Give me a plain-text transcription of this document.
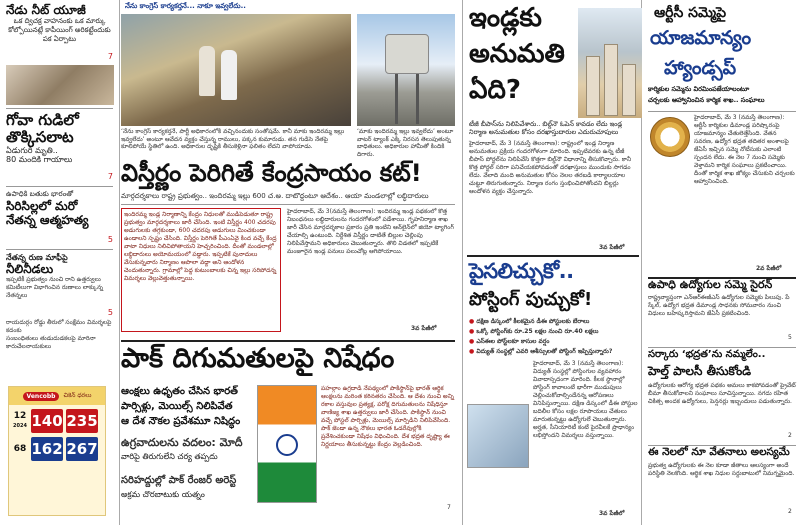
నేడు నీట్ యూజీ
ఒక ద్విచక్ర వాహనంకు ఒక మార్కు కోల్పోయినట్లే కాపీయింగ్ అరికట్టేందుకు పక ఏర్పాటు
7
గోవా గుడిలో
తొక్కిసలాట
ఏడుగురి మృతి..
80 మందికి గాయాలు
7
ఉపాధికి బతుకు భారంతో
సిరిసిల్లలో మరో
నేతన్న ఆత్మహత్య
5
నేతన్న రుణ మాఫీపై
నీలినీడలు
ఇప్పటికీ ప్రభుత్వం నుంచి రాని ఉత్తర్వులు కమిటీలుగా విభాగించిన రుణాలు లాక్కున్న నేతన్నలు
5
రాయదుర్గం రోడ్డు తీరులో సంక్షేమం విమర్శలపై కదంకు
సంబంధితులు తుడుదుడకలపై మారినా కారుచేలనాయకులు
Vencobb	చికెన్ ధరలు
12
2024 140 235
68 162 267
నేను కాంగ్రెస్ కార్యకర్తనే... నాకూ ఇవ్వలేదు..
‘నేను కాంగ్రెస్ కార్యకర్తనే, పార్టీ అధికారంలోకి వచ్చినందుకు సంతోషమే. కానీ మాకు ఇందిరమ్మ ఇల్లు ఇవ్వలేదు’ అంటూ ఆవేదన వ్యక్తం చేస్తున్న రాములు, పక్కన కుమారుడు. తన గుడిసె నేతపై కూలిపోయే స్థితిలో ఉంది. అధికారుల దృష్టికి తీసుకెళ్లినా ఫలితం లేదని వాపోయాడు.
‘మాకు ఇందిరమ్మ ఇల్లు ఇవ్వలేదు’ అంటూ వాటర్ ట్యాంక్ ఎక్కి నిరసన తెలుపుతున్న బాధితులు. అధికారుల హామీతో కిందికి దిగారు.
విస్తీర్ణం పెరిగితే కేంద్రసాయం కట్!
మార్గదర్శకాలు రాష్ట్ర ప్రభుత్వం.. ఇందిరమ్మ ఇల్లు 600 చ.అ. దాటొద్దంటూ ఆదేశం.. ఆయా మండలాల్లో లబ్ధిదారులు
ఇందిరమ్మ ఇండ్ల నిర్మాణాన్ని కేంద్రం నిధులతో ముడిపెడుతూ రాష్ట్ర ప్రభుత్వం మార్గదర్శకాలు జారీ చేసింది. ఇంటి విస్తీర్ణం 400 చదరపు అడుగులకు తగ్గకుండా, 600 చదరపు అడుగులు మించకుండా ఉండాలని స్పష్టం చేసింది. విస్తీర్ణం పెరిగితే పీఎంఏవై కింద వచ్చే కేంద్ర వాటా నిధులు నిలిచిపోతాయని హెచ్చరించింది. దీంతో మండలాల్లో లబ్ధిదారులు అయోమయంలో పడ్డారు. ఇప్పటికే పునాదులు వేసుకున్నవారు నిర్మాణం ఆపాలా వద్దా అని ఆందోళన చెందుతున్నారు. గ్రామాల్లో పెద్ద కుటుంబాలకు చిన్న ఇల్లు సరిపోదన్న విమర్శలు వెల్లువెత్తుతున్నాయి.
హైదరాబాద్, మే 3(నమస్తే తెలంగాణ): ఇందిరమ్మ ఇండ్ల పథకంలో కొత్త నిబంధనలు లబ్ధిదారులను గందరగోళంలో పడేశాయి. గృహనిర్మాణ శాఖ జారీ చేసిన మార్గదర్శకాల ప్రకారం ప్రతి ఇంటిని ఆన్‌లైన్‌లో జియో ట్యాగింగ్ చేయాల్సి ఉంటుంది. నిర్దేశిత విస్తీర్ణం దాటితే బిల్లుల చెల్లింపు నిలిపివేస్తామని అధికారులు చెబుతున్నారు. తొలి విడతలో ఇప్పటికే మంజూరైన ఇండ్ల పనులు పలుచోట్ల ఆగిపోయాయి.
3వ పేజీలో
పాక్ దిగుమతులపై నిషేధం
ఆంక్షలు ఉధృతం చేసిన భారత్
పార్సిళ్లు, మెయిల్స్ నిలిపివేత
ఆ దేశ నౌకల ప్రవేశమూ నిషిద్ధం
ఉగ్రవాదులను వదలం: మోదీ
వారిపై తిరుగులేని చర్య తప్పదు
సరిహద్దుల్లో పాక్ రేంజర్ అరెస్ట్
అక్రమ చొరబాటుకు యత్నం
పహల్గాం ఉగ్రదాడి నేపథ్యంలో పాకిస్థాన్‌పై భారత్ ఆర్థిక ఆంక్షలను మరింత కఠినతరం చేసింది. ఆ దేశం నుంచి అన్ని రకాల వస్తువుల ప్రత్యక్ష, పరోక్ష దిగుమతులను నిషేధిస్తూ వాణిజ్య శాఖ ఉత్తర్వులు జారీ చేసింది. పాకిస్థాన్ నుంచి వచ్చే పోస్టల్ పార్సిళ్లు, మెయిల్స్ మార్పిడిని నిలిపివేసింది. పాక్ జెండా ఉన్న నౌకలు భారత ఓడరేవుల్లోకి ప్రవేశించకుండా నిషేధం విధించింది. దేశ భద్రత దృష్ట్యా ఈ నిర్ణయాలు తీసుకున్నట్టు కేంద్రం వెల్లడించింది.
7
ఇండ్లకు
అనుమతి
ఏది?
టీజీ బీపాస్‌ను నిలిపివేశారు.. బిల్డ్‌నౌ ఓపెన్ కావడం లేదు ఇండ్ల నిర్మాణ అనుమతుల కోసం దరఖాస్తుదారుల ఎదురుచూపులు
హైదరాబాద్, మే 3 (నమస్తే తెలంగాణ): రాష్ట్రంలో ఇండ్ల నిర్మాణ అనుమతుల ప్రక్రియ గందరగోళంగా మారింది. ఇప్పటివరకు ఉన్న టీజీ బీపాస్ పోర్టల్‌ను నిలిపివేసి కొత్తగా బిల్డ్‌నౌ విధానాన్ని తీసుకొచ్చారు. కానీ కొత్త పోర్టల్ సరిగా పనిచేయకపోవడంతో దరఖాస్తులు ముందుకు సాగడం లేదు. వేలాది మంది అనుమతుల కోసం నెలల తరబడి కార్యాలయాల చుట్టూ తిరుగుతున్నారు. నిర్మాణ రంగం స్తంభించిపోతోందని బిల్డర్లు ఆందోళన వ్యక్తం చేస్తున్నారు.
3వ పేజీలో
పైసలిచ్చుకో..
పోస్టింగ్ పుచ్చుకో!
● దక్షిణ డిస్కంలో కీలకమైన డీఈ పోస్టులకు బేరాలు
● ఒక్కో పోస్టింగ్‌కు రూ.25 లక్షల నుంచి రూ.40 లక్షలు
● ఎస్ఈల పోస్ట్‌లకూ కాసుల వర్షం
● విద్యుత్ సంస్థల్లో ఎవరి ఆశీస్సులతో పోస్టింగ్ ఇప్పిస్తున్నారు?
హైదరాబాద్, మే 3 (నమస్తే తెలంగాణ): విద్యుత్ సంస్థల్లో పోస్టింగుల వ్యవహారం వివాదాస్పదంగా మారింది. కీలక స్థానాల్లో పోస్టింగ్ కావాలంటే భారీగా ముడుపులు చెల్లించుకోవాల్సిందేనన్న ఆరోపణలు వినిపిస్తున్నాయి. దక్షిణ డిస్కంలో డీఈ పోస్టుల బదిలీల కోసం లక్షల రూపాయలు చేతులు మారుతున్నట్టు ఉద్యోగులే చెబుతున్నారు. అర్హత, సీనియారిటీ కంటే పైరవీలకే ప్రాధాన్యం లభిస్తోందని విమర్శలు వస్తున్నాయి.
3వ పేజీలో
ఆర్టీసీ సమ్మెపై
యాజమాన్యం
హ్యాండ్సప్
కార్మికుల సమ్మెను విరమింపజేయాలంటూ
చర్చలకు ఆహ్వానించిన కార్మిక శాఖ.. సంఘాలు
హైదరాబాద్, మే 3 (నమస్తే తెలంగాణ): ఆర్టీసీ కార్మికుల డిమాండ్ల పరిష్కారంపై యాజమాన్యం చేతులెత్తేసింది. వేతన సవరణ, ఉద్యోగ భద్రత తదితర అంశాలపై జేఏసీ ఇచ్చిన సమ్మె నోటీసుకు ఎలాంటి స్పందన లేదు. ఈ నెల 7 నుంచి సమ్మెకు వెళ్తామని కార్మిక సంఘాలు ప్రకటించాయి. దీంతో కార్మిక శాఖ జోక్యం చేసుకుని చర్చలకు ఆహ్వానించింది.
2వ పేజీలో
ఉపాధి ఉద్యోగుల సమ్మె సైరన్
రాష్ట్రవ్యాప్తంగా ఎన్ఆర్ఈజీఎస్ ఉద్యోగుల సమ్మెకు పిలుపు. పే స్కేల్, ఉద్యోగ భద్రత డిమాండ్ల సాధనకు సోమవారం నుంచి విధులు బహిష్కరిస్తామని జేఏసీ ప్రకటించింది.
5
సర్కారు ‘భద్రత’ను నమ్మలేం..
హెల్త్ పాలసీ తీసుకోండి
ఉద్యోగులకు ఆరోగ్య భద్రత పథకం అమలు కాకపోవడంతో ప్రైవేట్ బీమా తీసుకోవాలని సంఘాలు సూచిస్తున్నాయి. నగదు రహిత చికిత్స అందక ఉద్యోగులు, పెన్షనర్లు ఇబ్బందులు పడుతున్నారు.
2
ఈ నెలలో నూ వేతనాలు అలస్యమే
ప్రభుత్వ ఉద్యోగులకు ఈ నెల కూడా జీతాలు ఆలస్యంగా అందే పరిస్థితి నెలకొంది. ఆర్థిక శాఖ నిధుల సర్దుబాటులో నిమగ్నమైంది.
2
